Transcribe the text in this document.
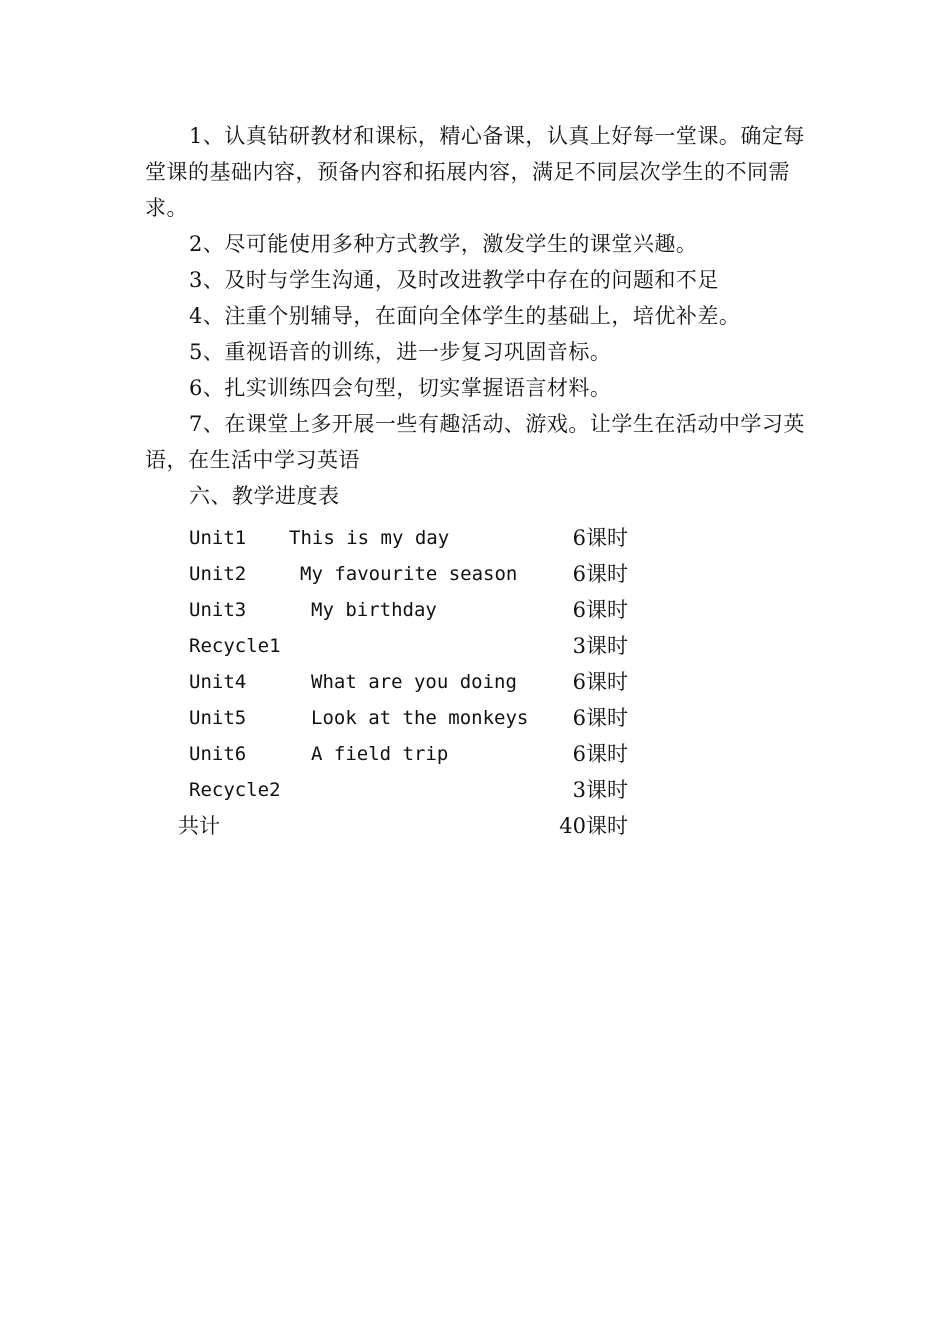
1、认真钻研教材和课标，精心备课，认真上好每一堂课。确定每堂课的基础内容，预备内容和拓展内容，满足不同层次学生的不同需求。

2、尽可能使用多种方式教学，激发学生的课堂兴趣。

3、及时与学生沟通，及时改进教学中存在的问题和不足

4、注重个别辅导，在面向全体学生的基础上，培优补差。

5、重视语音的训练，进一步复习巩固音标。

6、扎实训练四会句型，切实掌握语言材料。

7、在课堂上多开展一些有趣活动、游戏。让学生在活动中学习英语，在生活中学习英语

六、教学进度表
Unit1 This is my day	6课时
Unit2	My favourite season	6课时
Unit3	My birthday	6课时
Recycle1	3课时
Unit4	What are you doing	6课时
Unit5	Look at the monkeys	6课时
Unit6	A field trip	6课时
Recycle2	3课时
共计	40课时
